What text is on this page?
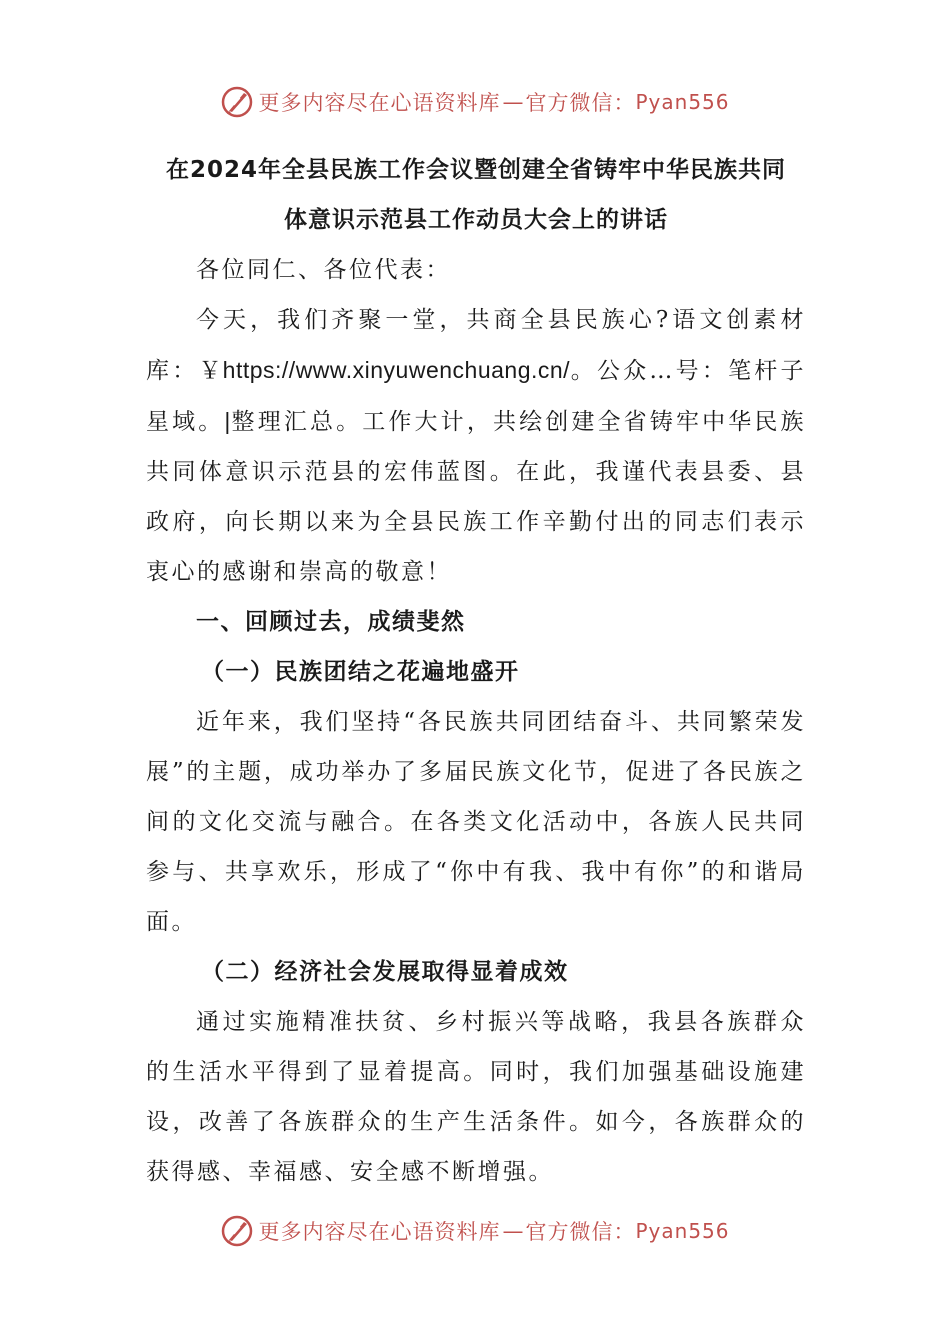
更多内容尽在心语资料库 — 官方微信： Pyan556
在2024年全县民族工作会议暨创建全省铸牢中华民族共同
体意识示范县工作动员大会上的讲话

各位同仁、各位代表：

今天，我们齐聚一堂，共商全县民族心?语文创素材库：￥https://www.xinyuwenchuang.cn/。公众…号：笔杆子星域。|整理汇总。工作大计，共绘创建全省铸牢中华民族共同体意识示范县的宏伟蓝图。在此，我谨代表县委、县政府，向长期以来为全县民族工作辛勤付出的同志们表示衷心的感谢和崇高的敬意！

一、回顾过去，成绩斐然

（一）民族团结之花遍地盛开

近年来，我们坚持“各民族共同团结奋斗、共同繁荣发展”的主题，成功举办了多届民族文化节，促进了各民族之间的文化交流与融合。在各类文化活动中，各族人民共同参与、共享欢乐，形成了“你中有我、我中有你”的和谐局面。

（二）经济社会发展取得显着成效

通过实施精准扶贫、乡村振兴等战略，我县各族群众的生活水平得到了显着提高。同时，我们加强基础设施建设，改善了各族群众的生产生活条件。如今，各族群众的获得感、幸福感、安全感不断增强。

更多内容尽在心语资料库 — 官方微信： Pyan556
